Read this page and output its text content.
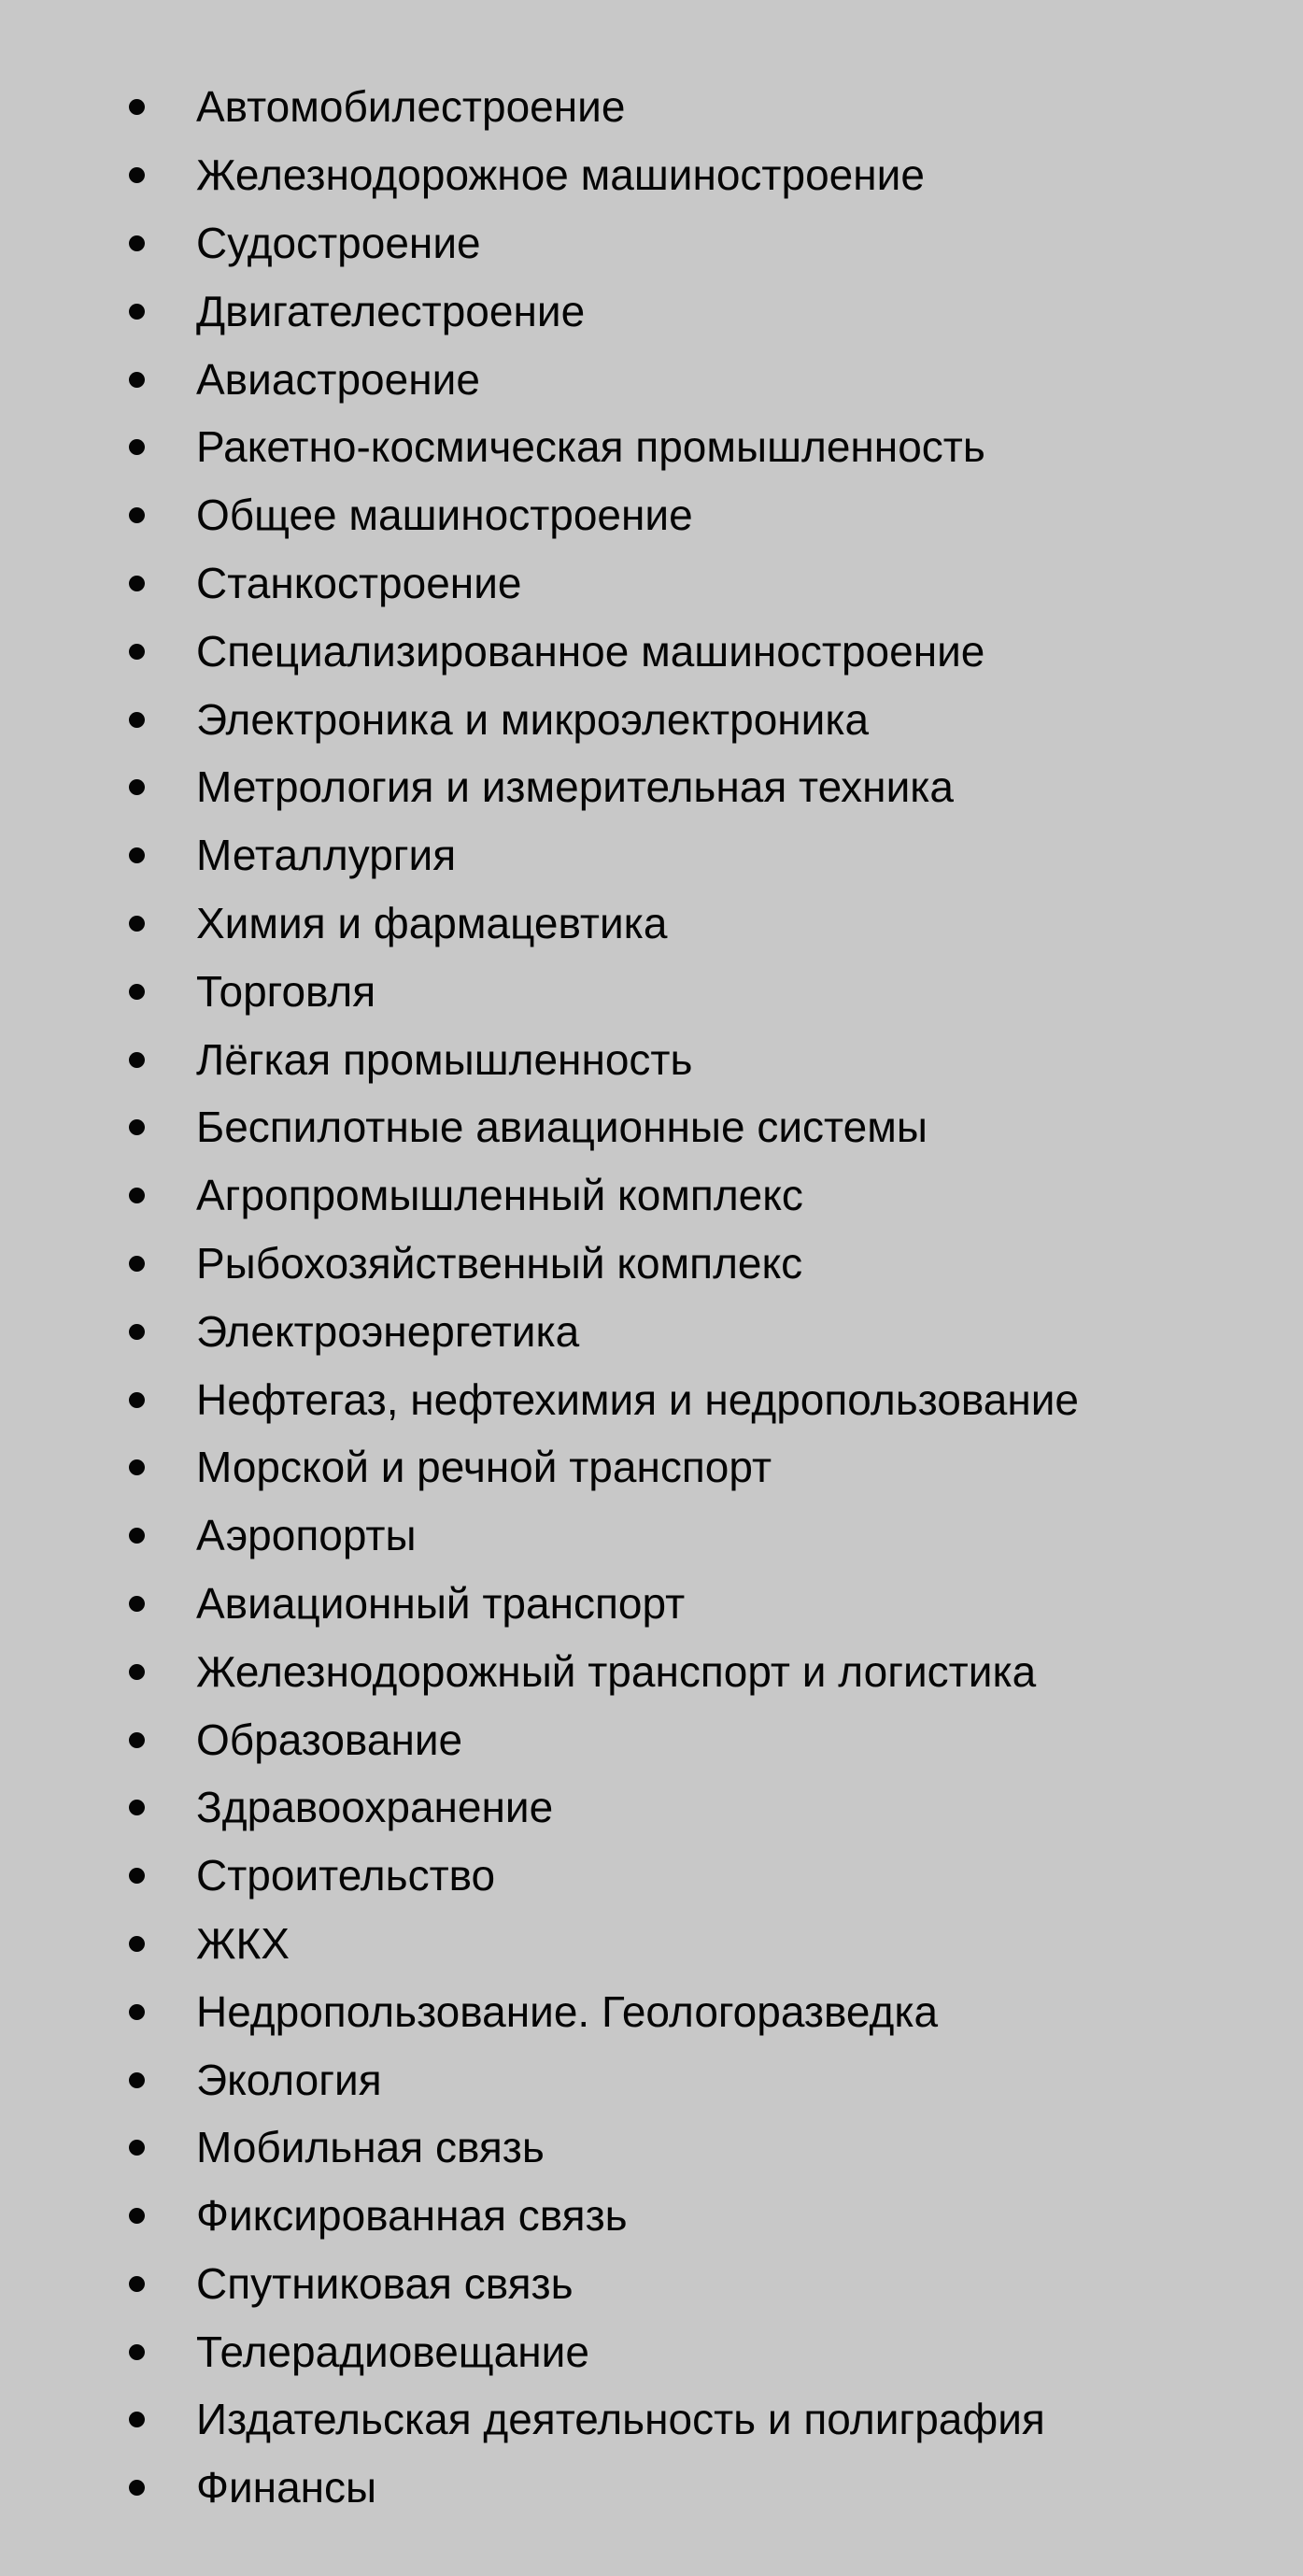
Автомобилестроение
Железнодорожное машиностроение
Судостроение
Двигателестроение
Авиастроение
Ракетно-космическая промышленность
Общее машиностроение
Станкостроение
Специализированное машиностроение
Электроника и микроэлектроника
Метрология и измерительная техника
Металлургия
Химия и фармацевтика
Торговля
Лёгкая промышленность
Беспилотные авиационные системы
Агропромышленный комплекс
Рыбохозяйственный комплекс
Электроэнергетика
Нефтегаз, нефтехимия и недропользование
Морской и речной транспорт
Аэропорты
Авиационный транспорт
Железнодорожный транспорт и логистика
Образование
Здравоохранение
Строительство
ЖКХ
Недропользование. Геологоразведка
Экология
Мобильная связь
Фиксированная связь
Спутниковая связь
Телерадиовещание
Издательская деятельность и полиграфия
Финансы
